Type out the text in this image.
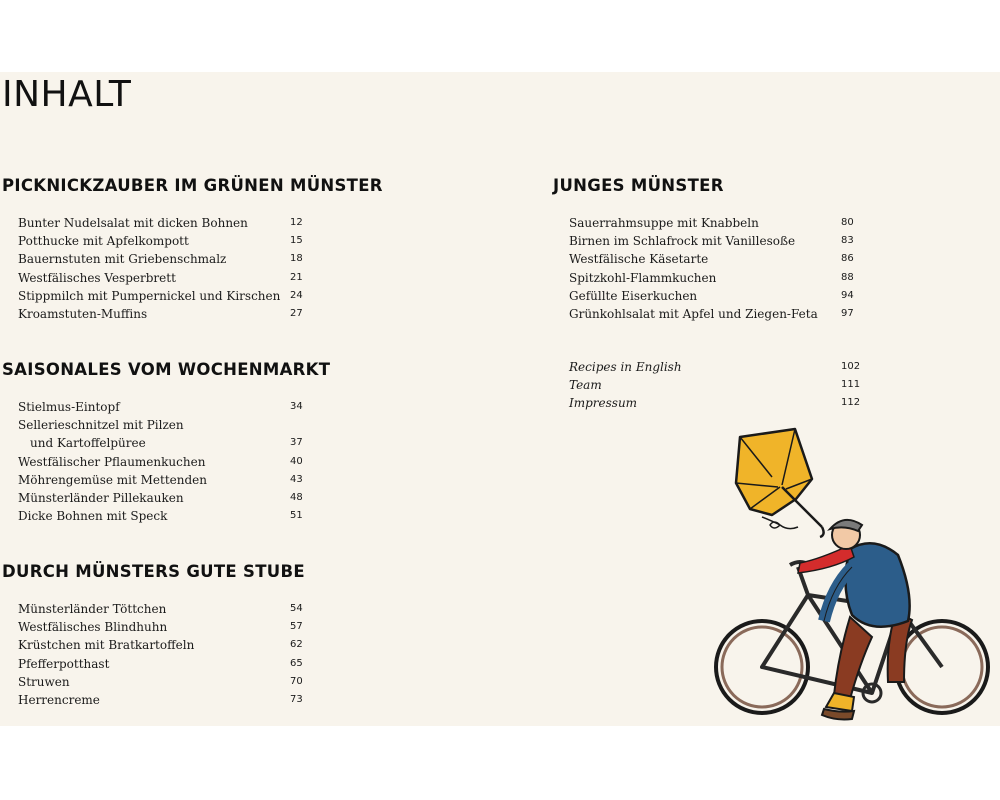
INHALT
PICKNICKZAUBER IM GRÜNEN MÜNSTER
Bunter Nudelsalat mit dicken Bohnen	12
Potthucke mit Apfelkompott	15
Bauernstuten mit Griebenschmalz	18
Westfälisches Vesperbrett	21
Stippmilch mit Pumpernickel und Kirschen 24
Kroamstuten-Muffins	27
SAISONALES VOM WOCHENMARKT
Stielmus-Eintopf	34
Sellerieschnitzel mit Pilzen
und Kartoffelpüree	37
Westfälischer Pflaumenkuchen	40
Möhrengemüse mit Mettenden	43
Münsterländer Pillekauken	48
Dicke Bohnen mit Speck	51
DURCH MÜNSTERS GUTE STUBE
Münsterländer Töttchen	54
Westfälisches Blindhuhn	57
Krüstchen mit Bratkartoffeln	62
Pfefferpotthast	65
Struwen	70
Herrencreme	73
JUNGES MÜNSTER
Sauerrahmsuppe mit Knabbeln	80
Birnen im Schlafrock mit Vanillesoße	83
Westfälische Käsetarte	86
Spitzkohl-Flammkuchen	88
Gefüllte Eiserkuchen	94
Grünkohlsalat mit Apfel und Ziegen-Feta 97
Recipes in English	102
Team	111
Impressum	112
